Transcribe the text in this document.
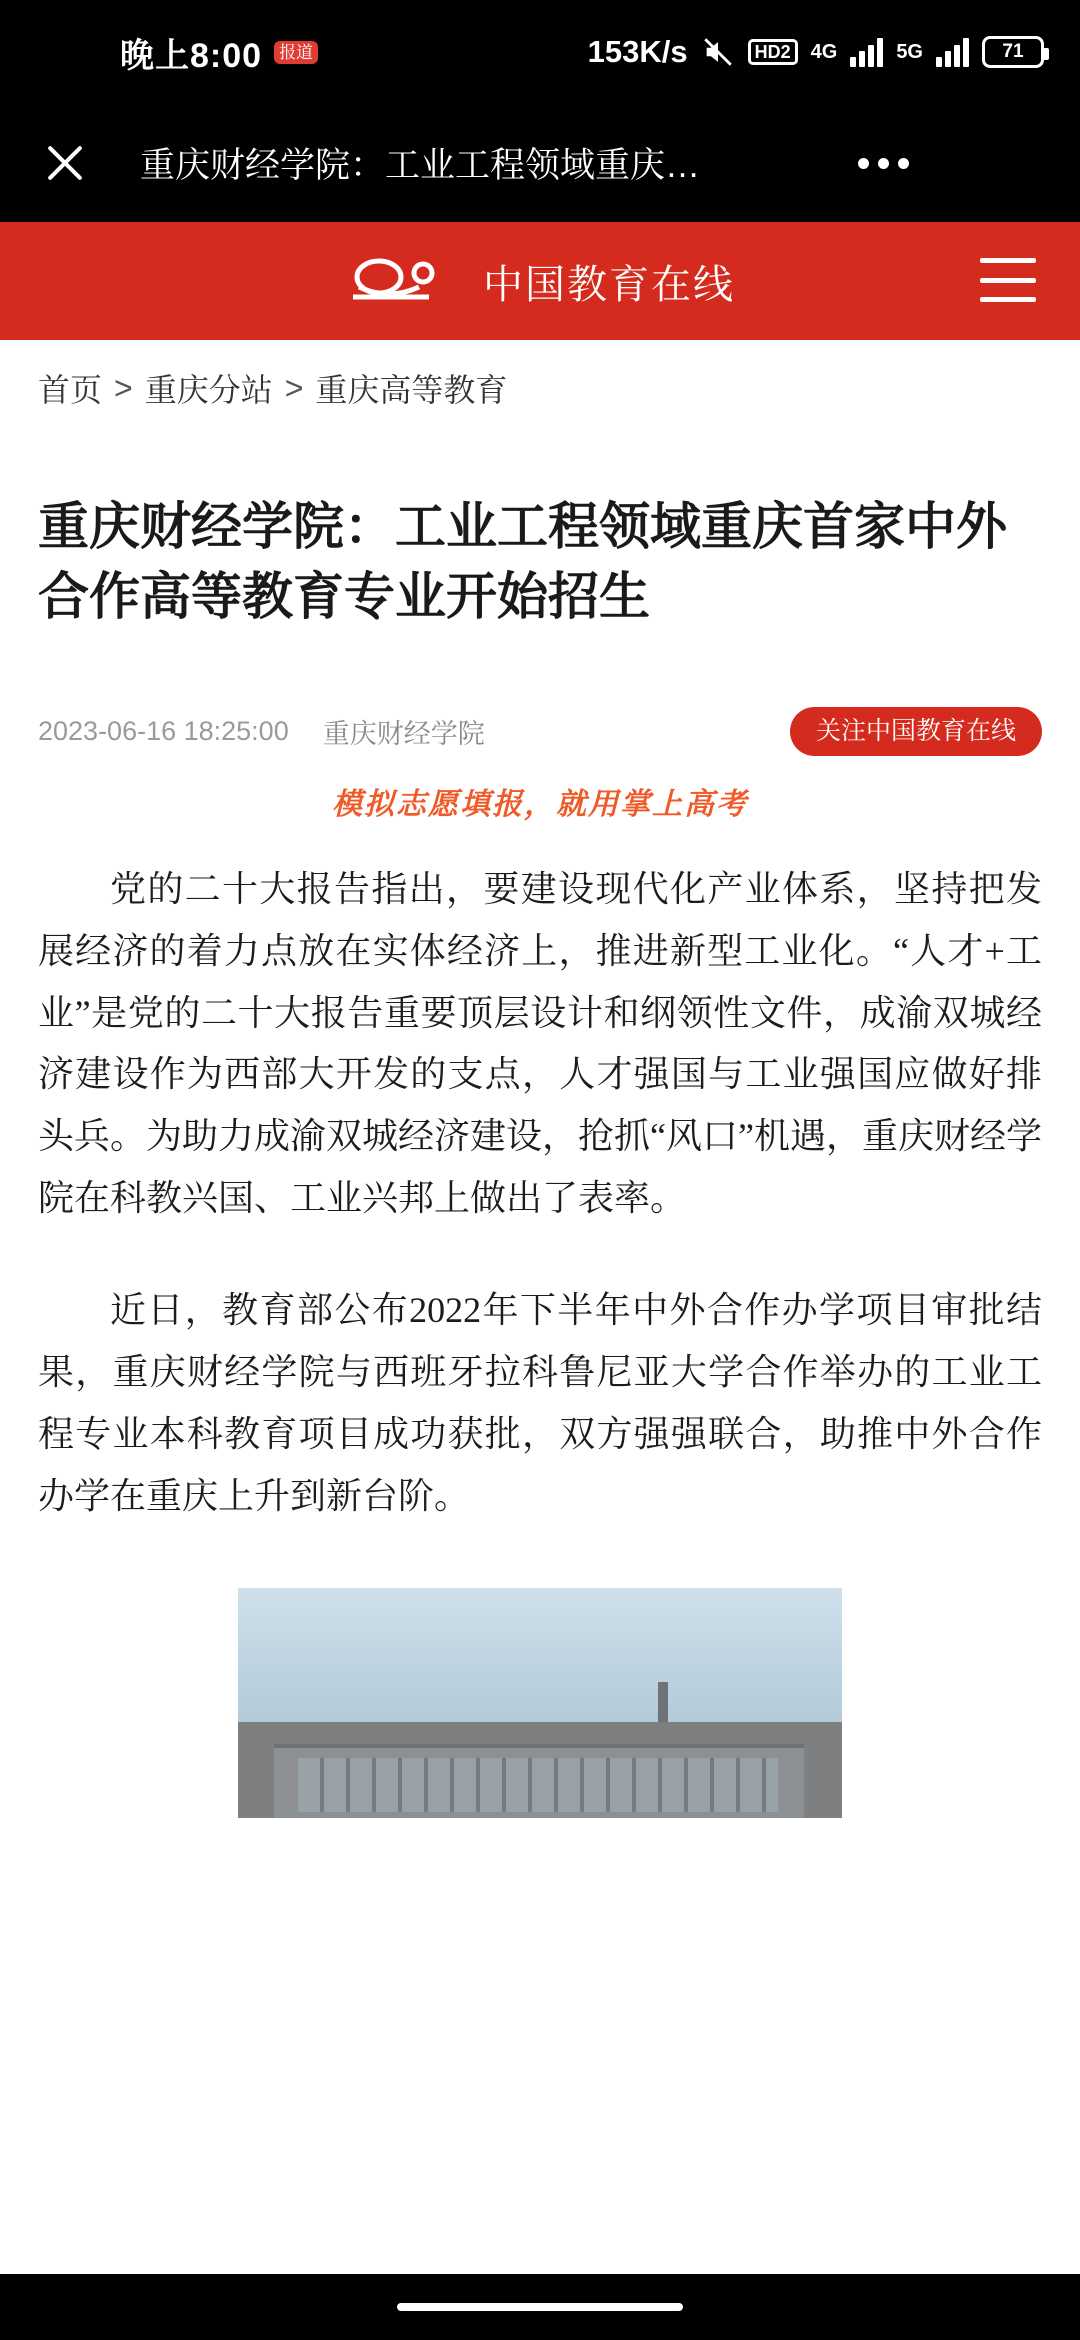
晚上8:00 报道	153K/s	HD2	4G	5G	71
重庆财经学院：工业工程领域重庆…
中国教育在线
首页 > 重庆分站 > 重庆高等教育
重庆财经学院：工业工程领域重庆首家中外合作高等教育专业开始招生
2023-06-16 18:25:00 重庆财经学院	关注中国教育在线
模拟志愿填报，就用掌上高考

党的二十大报告指出，要建设现代化产业体系，坚持把发展经济的着力点放在实体经济上，推进新型工业化。“人才+工业”是党的二十大报告重要顶层设计和纲领性文件，成渝双城经济建设作为西部大开发的支点，人才强国与工业强国应做好排头兵。为助力成渝双城经济建设，抢抓“风口”机遇，重庆财经学院在科教兴国、工业兴邦上做出了表率。

近日，教育部公布2022年下半年中外合作办学项目审批结果，重庆财经学院与西班牙拉科鲁尼亚大学合作举办的工业工程专业本科教育项目成功获批，双方强强联合，助推中外合作办学在重庆上升到新台阶。
